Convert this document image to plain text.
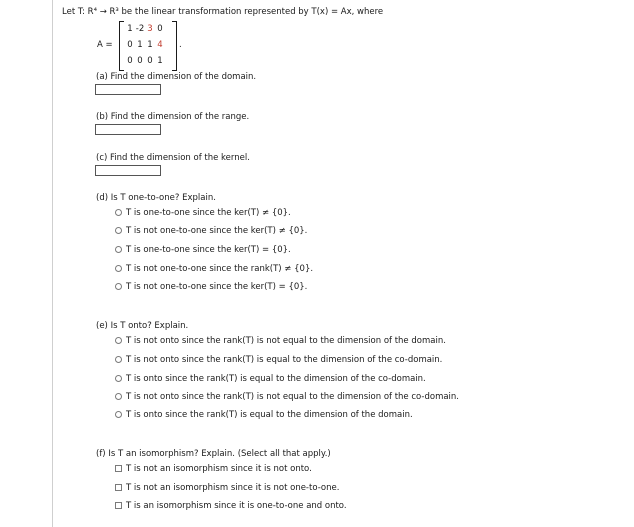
Let T: R⁴ → R³ be the linear transformation represented by T(x) = Ax, where
A =
1 -2 3 0
0 1 1 4
0 0 0 1
.
(a) Find the dimension of the domain.
(b) Find the dimension of the range.
(c) Find the dimension of the kernel.
(d) Is T one-to-one? Explain.
T is one-to-one since the ker(T) ≠ {0}.
T is not one-to-one since the ker(T) ≠ {0}.
T is one-to-one since the ker(T) = {0}.
T is not one-to-one since the rank(T) ≠ {0}.
T is not one-to-one since the ker(T) = {0}.
(e) Is T onto? Explain.
T is not onto since the rank(T) is not equal to the dimension of the domain.
T is not onto since the rank(T) is equal to the dimension of the co-domain.
T is onto since the rank(T) is equal to the dimension of the co-domain.
T is not onto since the rank(T) is not equal to the dimension of the co-domain.
T is onto since the rank(T) is equal to the dimension of the domain.
(f) Is T an isomorphism? Explain. (Select all that apply.)
T is not an isomorphism since it is not onto.
T is not an isomorphism since it is not one-to-one.
T is an isomorphism since it is one-to-one and onto.
